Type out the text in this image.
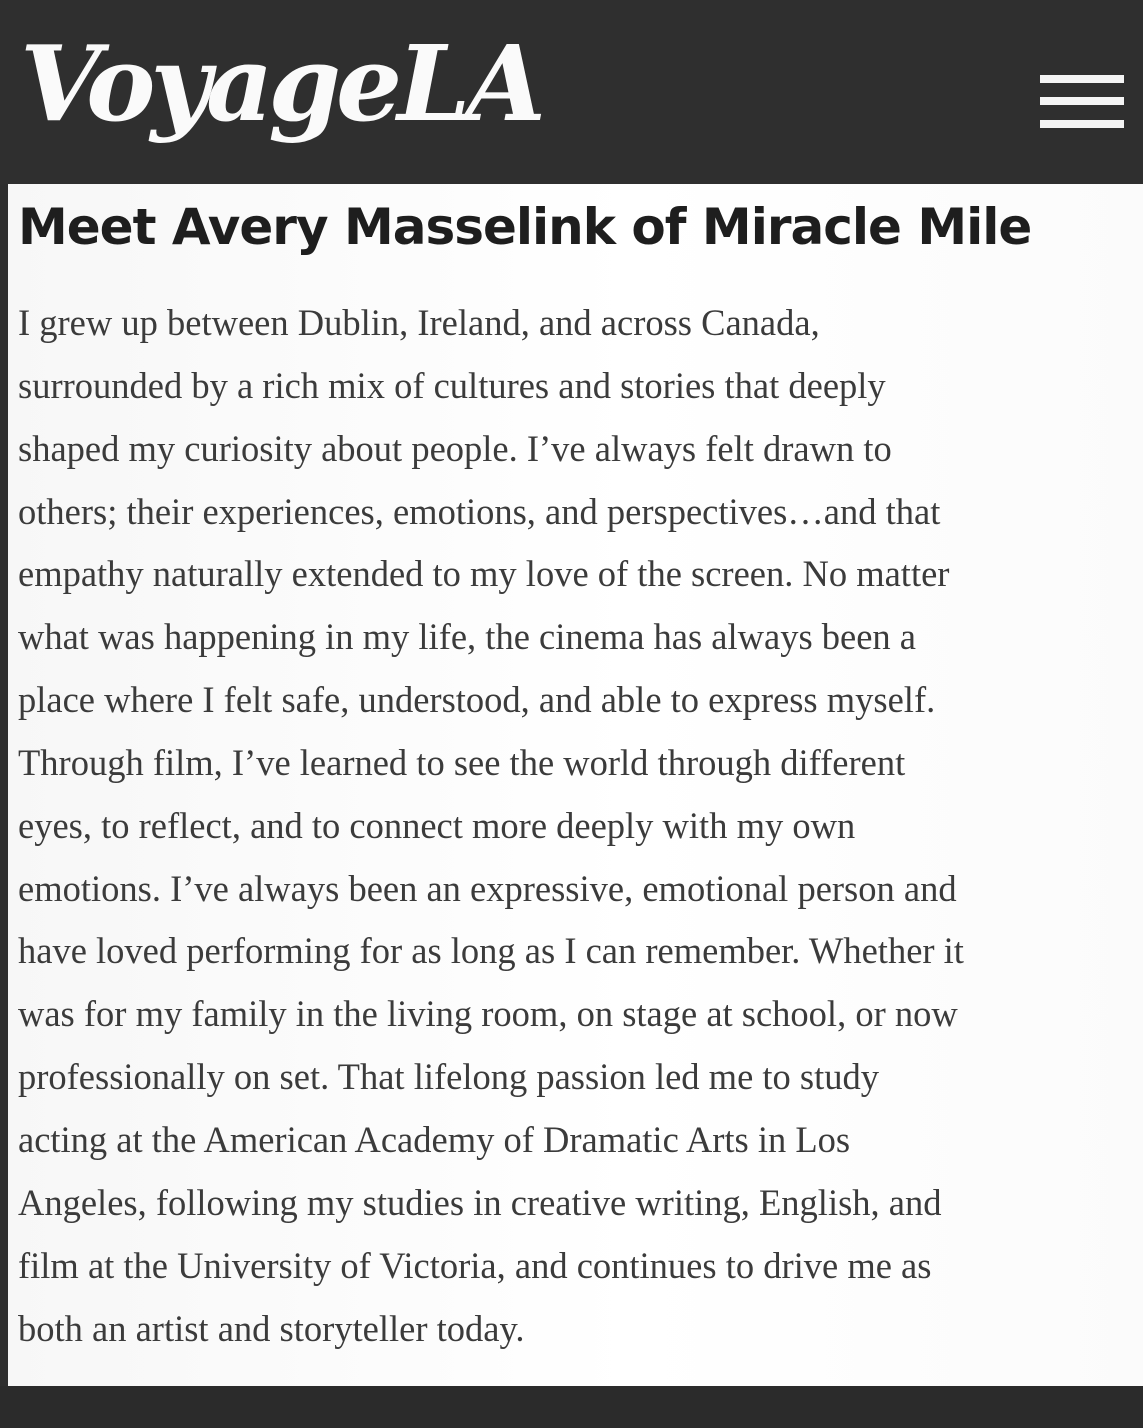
VoyageLA
Meet Avery Masselink of Miracle Mile
I grew up between Dublin, Ireland, and across Canada,
surrounded by a rich mix of cultures and stories that deeply
shaped my curiosity about people. I’ve always felt drawn to
others; their experiences, emotions, and perspectives…and that
empathy naturally extended to my love of the screen. No matter
what was happening in my life, the cinema has always been a
place where I felt safe, understood, and able to express myself.
Through film, I’ve learned to see the world through different
eyes, to reflect, and to connect more deeply with my own
emotions. I’ve always been an expressive, emotional person and
have loved performing for as long as I can remember. Whether it
was for my family in the living room, on stage at school, or now
professionally on set. That lifelong passion led me to study
acting at the American Academy of Dramatic Arts in Los
Angeles, following my studies in creative writing, English, and
film at the University of Victoria, and continues to drive me as
both an artist and storyteller today.
